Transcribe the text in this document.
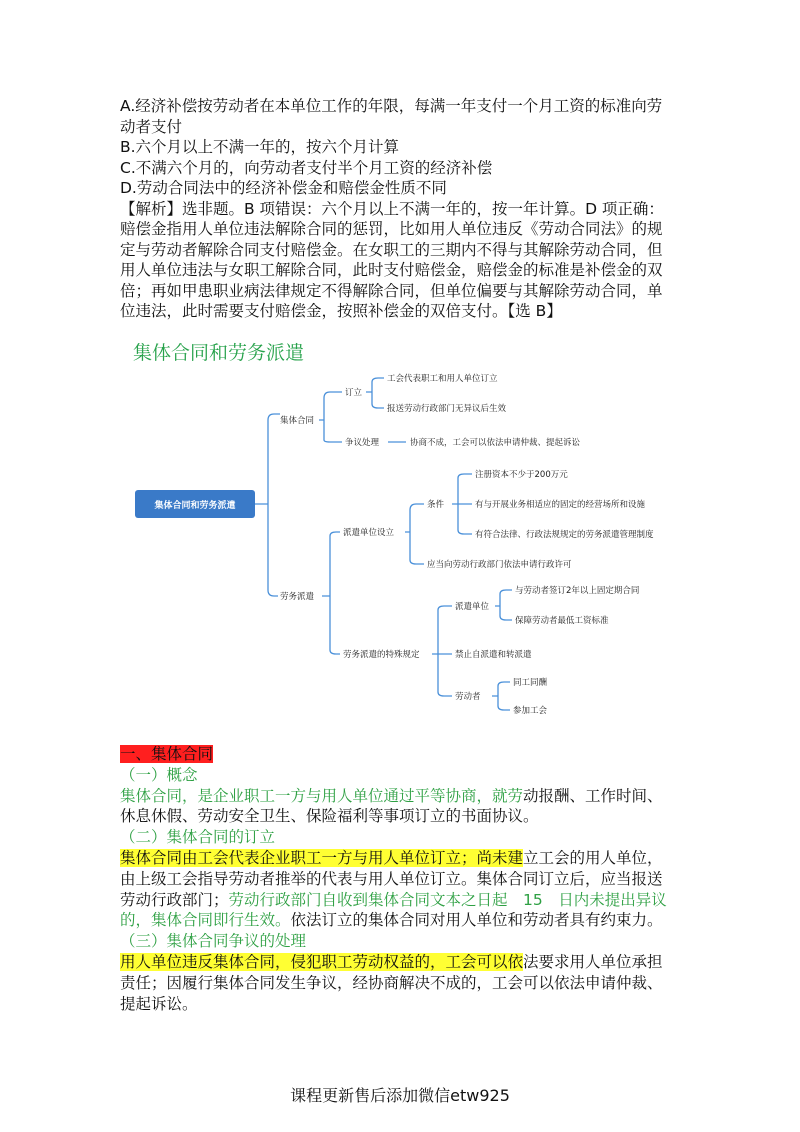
A.经济补偿按劳动者在本单位工作的年限，每满一年支付一个月工资的标准向劳
动者支付
B.六个月以上不满一年的，按六个月计算
C.不满六个月的，向劳动者支付半个月工资的经济补偿
D.劳动合同法中的经济补偿金和赔偿金性质不同
【解析】选非题。B 项错误：六个月以上不满一年的，按一年计算。D 项正确：
赔偿金指用人单位违法解除合同的惩罚，比如用人单位违反《劳动合同法》的规
定与劳动者解除合同支付赔偿金。在女职工的三期内不得与其解除劳动合同，但
用人单位违法与女职工解除合同，此时支付赔偿金，赔偿金的标准是补偿金的双
倍；再如甲患职业病法律规定不得解除合同，但单位偏要与其解除劳动合同，单
位违法，此时需要支付赔偿金，按照补偿金的双倍支付。【选 B】
集体合同和劳务派遣
集体合同和劳务派遣
集体合同
订立
工会代表职工和用人单位订立
报送劳动行政部门无异议后生效
争议处理	协商不成，工会可以依法申请仲裁、提起诉讼
劳务派遣
派遣单位设立
条件
注册资本不少于200万元
有与开展业务相适应的固定的经营场所和设施
有符合法律、行政法规规定的劳务派遣管理制度
应当向劳动行政部门依法申请行政许可
劳务派遣的特殊规定
派遣单位
与劳动者签订2年以上固定期合同
保障劳动者最低工资标准
禁止自派遣和转派遣
劳动者
同工同酬
参加工会
一、集体合同
（一）概念
集体合同，是企业职工一方与用人单位通过平等协商，就劳动报酬、工作时间、
休息休假、劳动安全卫生、保险福利等事项订立的书面协议。
（二）集体合同的订立
集体合同由工会代表企业职工一方与用人单位订立；尚未建立工会的用人单位，
由上级工会指导劳动者推举的代表与用人单位订立。集体合同订立后，应当报送
劳动行政部门；劳动行政部门自收到集体合同文本之日起　15　日内未提出异议
的，集体合同即行生效。依法订立的集体合同对用人单位和劳动者具有约束力。
（三）集体合同争议的处理
用人单位违反集体合同，侵犯职工劳动权益的，工会可以依法要求用人单位承担
责任；因履行集体合同发生争议，经协商解决不成的，工会可以依法申请仲裁、
提起诉讼。
课程更新售后添加微信etw925
